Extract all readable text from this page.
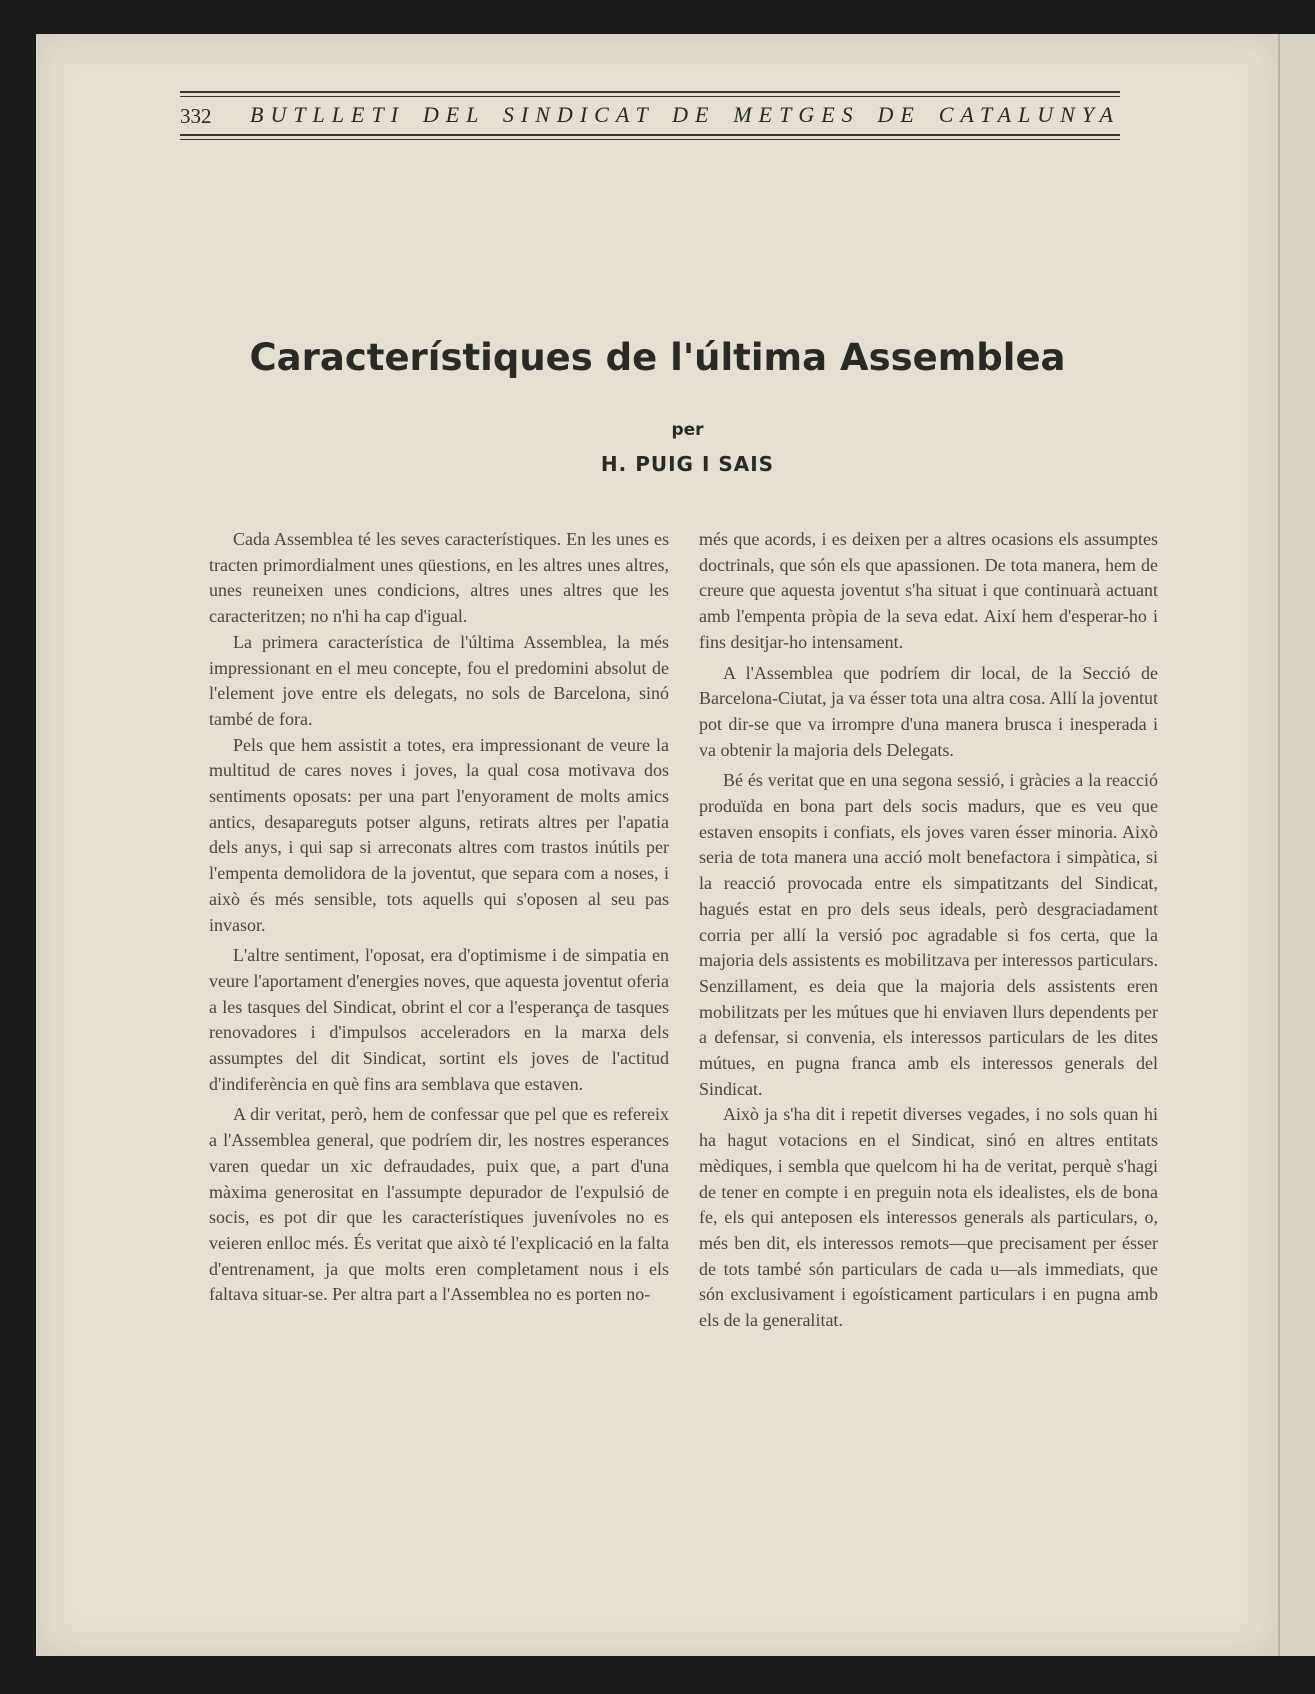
332 BUTLLETI DEL SINDICAT DE METGES DE CATALUNYA
Característiques de l'última Assemblea
per
H. PUIG I SAIS

Cada Assemblea té les seves característiques. En les unes es tracten primordialment unes qüestions, en les altres unes altres, unes reuneixen unes condicions, altres unes altres que les caracteritzen; no n'hi ha cap d'igual.

La primera característica de l'última Assemblea, la més impressionant en el meu concepte, fou el predomini absolut de l'element jove entre els delegats, no sols de Barcelona, sinó també de fora.

Pels que hem assistit a totes, era impressionant de veure la multitud de cares noves i joves, la qual cosa motivava dos sentiments oposats: per una part l'enyorament de molts amics antics, desapareguts potser alguns, retirats altres per l'apatia dels anys, i qui sap si arreconats altres com trastos inútils per l'empenta demolidora de la joventut, que separa com a noses, i això és més sensible, tots aquells qui s'oposen al seu pas invasor.

L'altre sentiment, l'oposat, era d'optimisme i de simpatia en veure l'aportament d'energies noves, que aquesta joventut oferia a les tasques del Sindicat, obrint el cor a l'esperança de tasques renovadores i d'impulsos acceleradors en la marxa dels assumptes del dit Sindicat, sortint els joves de l'actitud d'indiferència en què fins ara semblava que estaven.

A dir veritat, però, hem de confessar que pel que es refereix a l'Assemblea general, que podríem dir, les nostres esperances varen quedar un xic defraudades, puix que, a part d'una màxima generositat en l'assumpte depurador de l'expulsió de socis, es pot dir que les característiques juvenívoles no es veieren enlloc més. És veritat que això té l'explicació en la falta d'entrenament, ja que molts eren completament nous i els faltava situar-se. Per altra part a l'Assemblea no es porten no-

més que acords, i es deixen per a altres ocasions els assumptes doctrinals, que són els que apassionen. De tota manera, hem de creure que aquesta joventut s'ha situat i que continuarà actuant amb l'empenta pròpia de la seva edat. Així hem d'esperar-ho i fins desitjar-ho intensament.

A l'Assemblea que podríem dir local, de la Secció de Barcelona-Ciutat, ja va ésser tota una altra cosa. Allí la joventut pot dir-se que va irrompre d'una manera brusca i inesperada i va obtenir la majoria dels Delegats.

Bé és veritat que en una segona sessió, i gràcies a la reacció produïda en bona part dels socis madurs, que es veu que estaven ensopits i confiats, els joves varen ésser minoria. Això seria de tota manera una acció molt benefactora i simpàtica, si la reacció provocada entre els simpatitzants del Sindicat, hagués estat en pro dels seus ideals, però desgraciadament corria per allí la versió poc agradable si fos certa, que la majoria dels assistents es mobilitzava per interessos particulars. Senzillament, es deia que la majoria dels assistents eren mobilitzats per les mútues que hi enviaven llurs dependents per a defensar, si convenia, els interessos particulars de les dites mútues, en pugna franca amb els interessos generals del Sindicat.

Això ja s'ha dit i repetit diverses vegades, i no sols quan hi ha hagut votacions en el Sindicat, sinó en altres entitats mèdiques, i sembla que quelcom hi ha de veritat, perquè s'hagi de tener en compte i en preguin nota els idealistes, els de bona fe, els qui anteposen els interessos generals als particulars, o, més ben dit, els interessos remots—que precisament per ésser de tots també són particulars de cada u—als immediats, que són exclusivament i egoísticament particulars i en pugna amb els de la generalitat.
